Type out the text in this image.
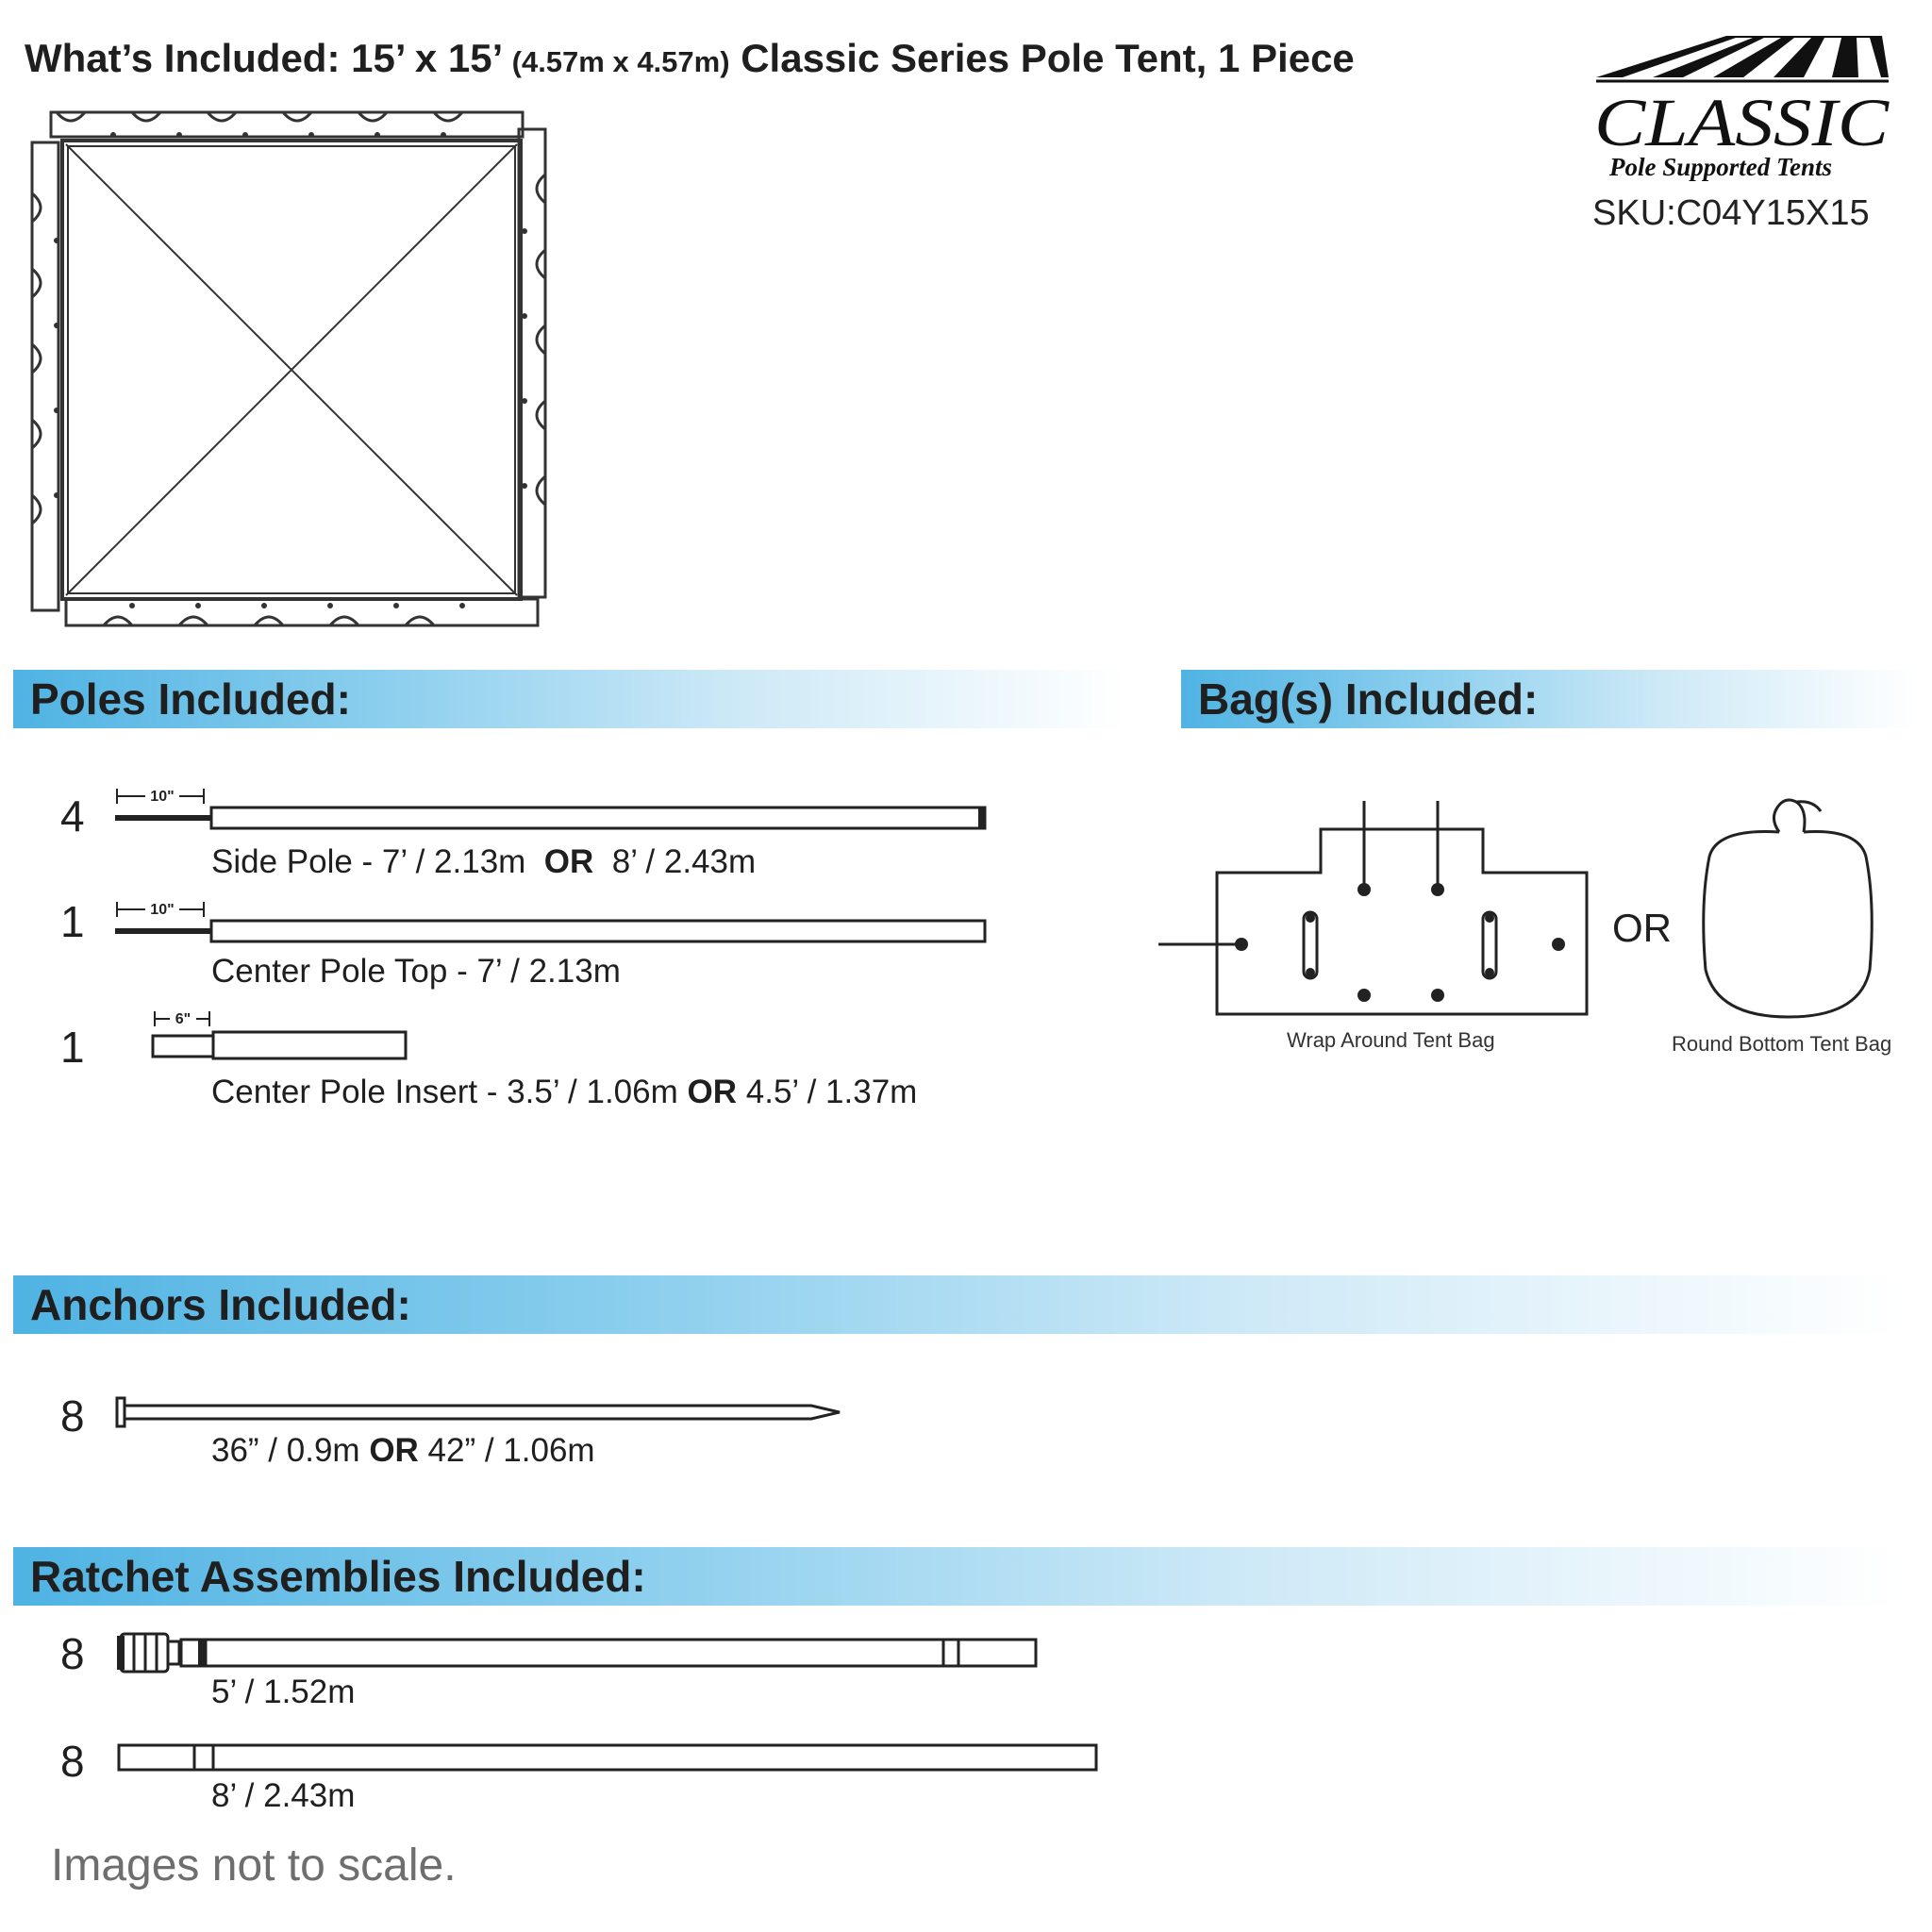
What’s Included: 15’ x 15’ (4.57m x 4.57m) Classic Series Pole Tent, 1 Piece
CLASSIC
Pole Supported Tents
SKU:C04Y15X15
Poles Included:	Bag(s) Included:
Anchors Included:
Ratchet Assemblies Included:
4	10"
Side Pole - 7’ / 2.13m OR 8’ / 2.43m
1	10"
Center Pole Top - 7’ / 2.13m
1
6"
Center Pole Insert - 3.5’ / 1.06m OR 4.5’ / 1.37m
Wrap Around Tent Bag
OR
Round Bottom Tent Bag
8
36” / 0.9m OR 42” / 1.06m
8
5’ / 1.52m
8
8’ / 2.43m
Images not to scale.
